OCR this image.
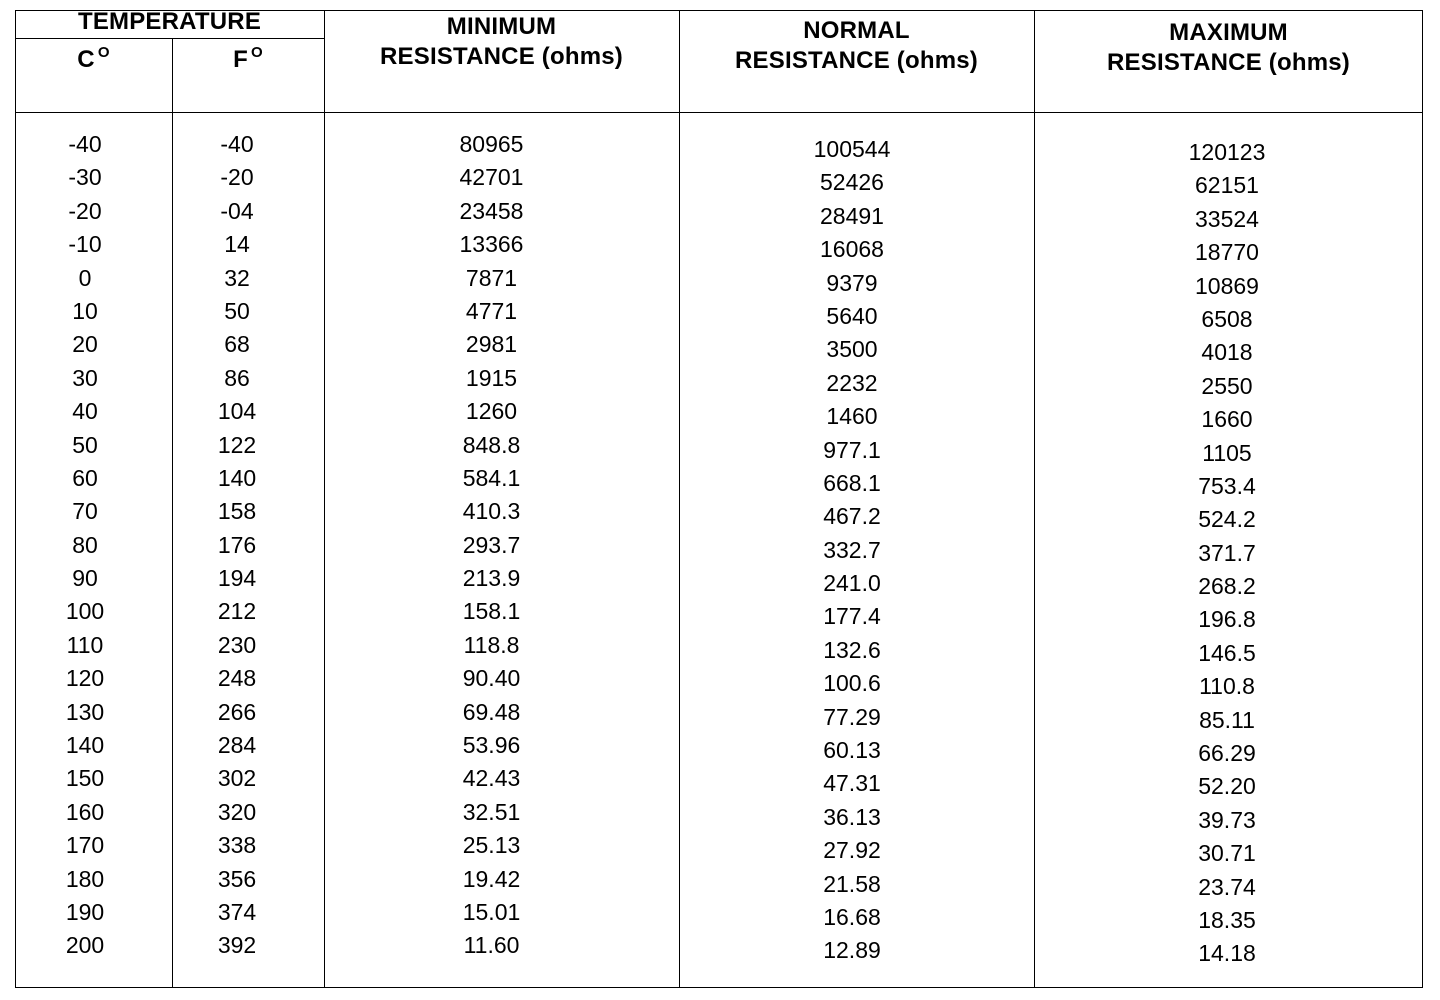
TEMPERATURE
C $^O$	F $^O$
MINIMUM
RESISTANCE (ohms)
NORMAL
RESISTANCE (ohms)
MAXIMUM
RESISTANCE (ohms)
-40
-30
-20
-10
0
10
20
30
40
50
60
70
80
90
100
110
120
130
140
150
160
170
180
190
200
-40
-20
-04
14
32
50
68
86
104
122
140
158
176
194
212
230
248
266
284
302
320
338
356
374
392
80965
42701
23458
13366
7871
4771
2981
1915
1260
848.8
584.1
410.3
293.7
213.9
158.1
118.8
90.40
69.48
53.96
42.43
32.51
25.13
19.42
15.01
11.60
100544
52426
28491
16068
9379
5640
3500
2232
1460
977.1
668.1
467.2
332.7
241.0
177.4
132.6
100.6
77.29
60.13
47.31
36.13
27.92
21.58
16.68
12.89
120123
62151
33524
18770
10869
6508
4018
2550
1660
1105
753.4
524.2
371.7
268.2
196.8
146.5
110.8
85.11
66.29
52.20
39.73
30.71
23.74
18.35
14.18
